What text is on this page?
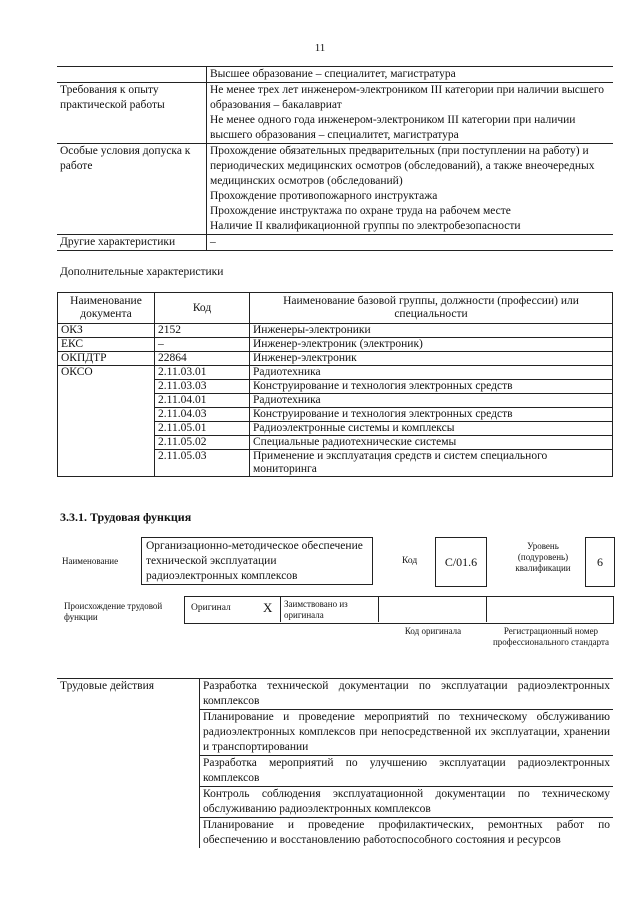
11

	Высшее образование – специалитет, магистратура

Требования к опыту практической работы	Не менее трех лет инженером-электроником III категории при наличии высшего образования – бакалавриат
Не менее одного года инженером-электроником III категории при наличии высшего образования – специалитет, магистратура

Особые условия допуска к работе	Прохождение обязательных предварительных (при поступлении на работу) и периодических медицинских осмотров (обследований), а также внеочередных медицинских осмотров (обследований)
Прохождение противопожарного инструктажа
Прохождение инструктажа по охране труда на рабочем месте
Наличие II квалификационной группы по электробезопасности

Другие характеристики	–
Дополнительные характеристики
Наименование документа	Код	Наименование базовой группы, должности (профессии) или специальности
ОКЗ	2152	Инженеры-электроники
ЕКС	–	Инженер-электроник (электроник)
ОКПДТР	22864	Инженер-электроник
ОКСО	2.11.03.01	Радиотехника
	2.11.03.03	Конструирование и технология электронных средств
	2.11.04.01	Радиотехника
	2.11.04.03	Конструирование и технология электронных средств
	2.11.05.01	Радиоэлектронные системы и комплексы
	2.11.05.02	Специальные радиотехнические системы
	2.11.05.03	Применение и эксплуатация средств и систем специального мониторинга
3.3.1. Трудовая функция
Наименование
Организационно-методическое обеспечение технической эксплуатации радиоэлектронных комплексов
Код	C/01.6
Уровень (подуровень) квалификации	6
Происхождение трудовой функции
Оригинал X Заимствовано из оригинала
Код оригинала	Регистрационный номер профессионального стандарта
Трудовые действия	Разработка технической документации по эксплуатации радиоэлектронных комплексов
Планирование и проведение мероприятий по техническому обслуживанию радиоэлектронных комплексов при непосредственной их эксплуатации, хранении и транспортировании
Разработка мероприятий по улучшению эксплуатации радиоэлектронных комплексов
Контроль соблюдения эксплуатационной документации по техническому обслуживанию радиоэлектронных комплексов
Планирование и проведение профилактических, ремонтных работ по обеспечению и восстановлению работоспособного состояния и ресурсов
